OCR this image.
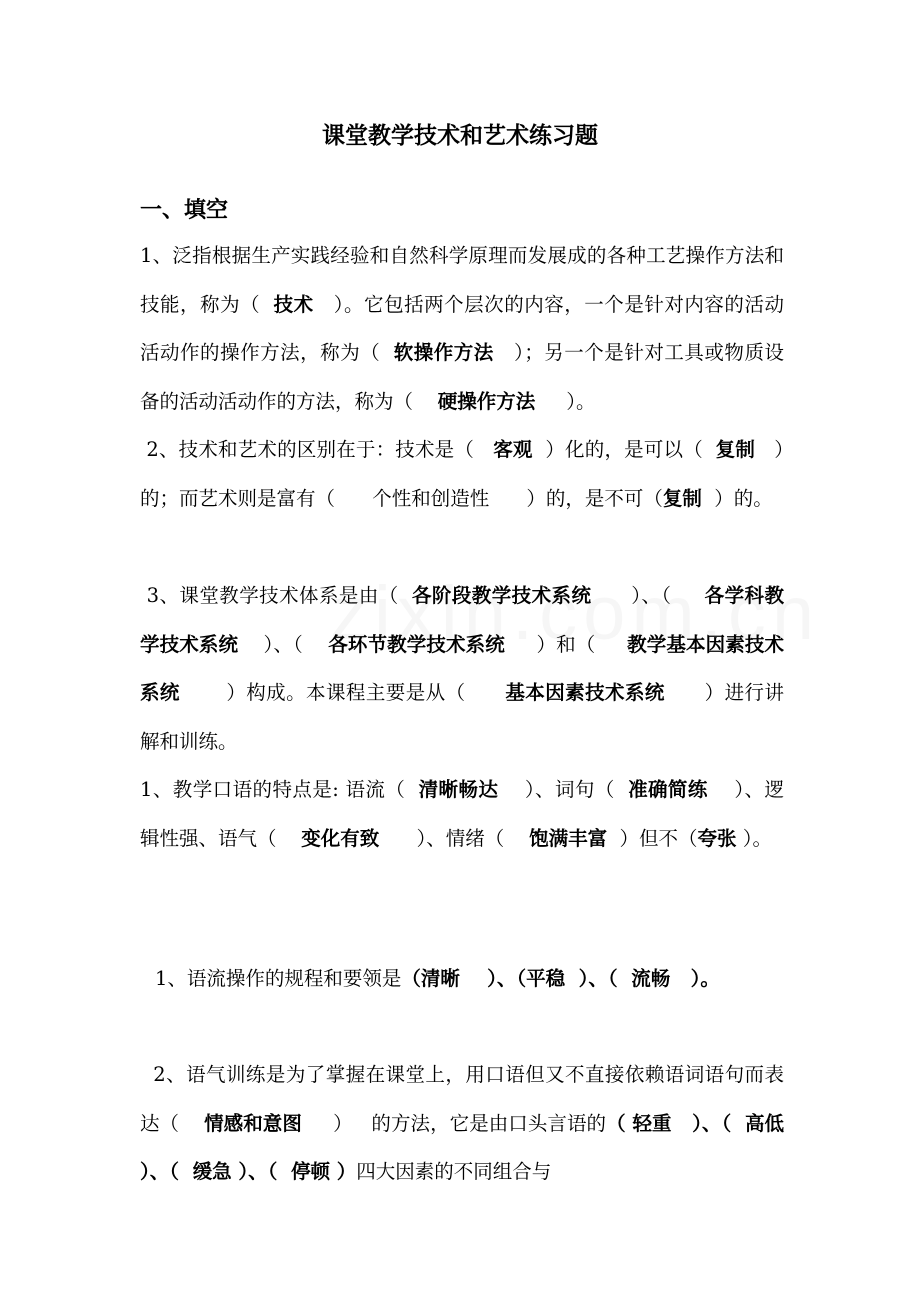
课堂教学技术和艺术练习题
一、填空
1、泛指根据生产实践经验和自然科学原理而发展成的各种工艺操作方法和技能，称为（  技术   ）。它包括两个层次的内容，一个是针对内容的活动活动作的操作方法，称为（  软操作方法   ）；另一个是针对工具或物质设备的活动活动作的方法，称为（    硬操作方法     ）。
2、技术和艺术的区别在于：技术是（   客观  ）化的，是可以（  复制   ）的；而艺术则是富有（      个性和创造性      ）的，是不可（复制  ）的。
3、课堂教学技术体系是由（  各阶段教学技术系统      ）、（     各学科教学技术系统    ）、（    各环节教学技术系统     ）和（     教学基本因素技术系统       ）构成。本课程主要是从（      基本因素技术系统      ）进行讲解和训练。
1、教学口语的特点是: 语流（  清晰畅达    ）、词句（  准确简练    ）、逻辑性强、语气（    变化有致      ）、情绪（    饱满丰富  ）但不（夸张 ）。
1、语流操作的规程和要领是（清晰    ）、（平稳  ）、（  流畅   ）。
2、语气训练是为了掌握在课堂上，用口语但又不直接依赖语词语句而表达（    情感和意图     ）   的方法，它是由口头言语的（ 轻重   ）、（  高低 ）、（  缓急 ）、（  停顿 ）四大因素的不同组合与
